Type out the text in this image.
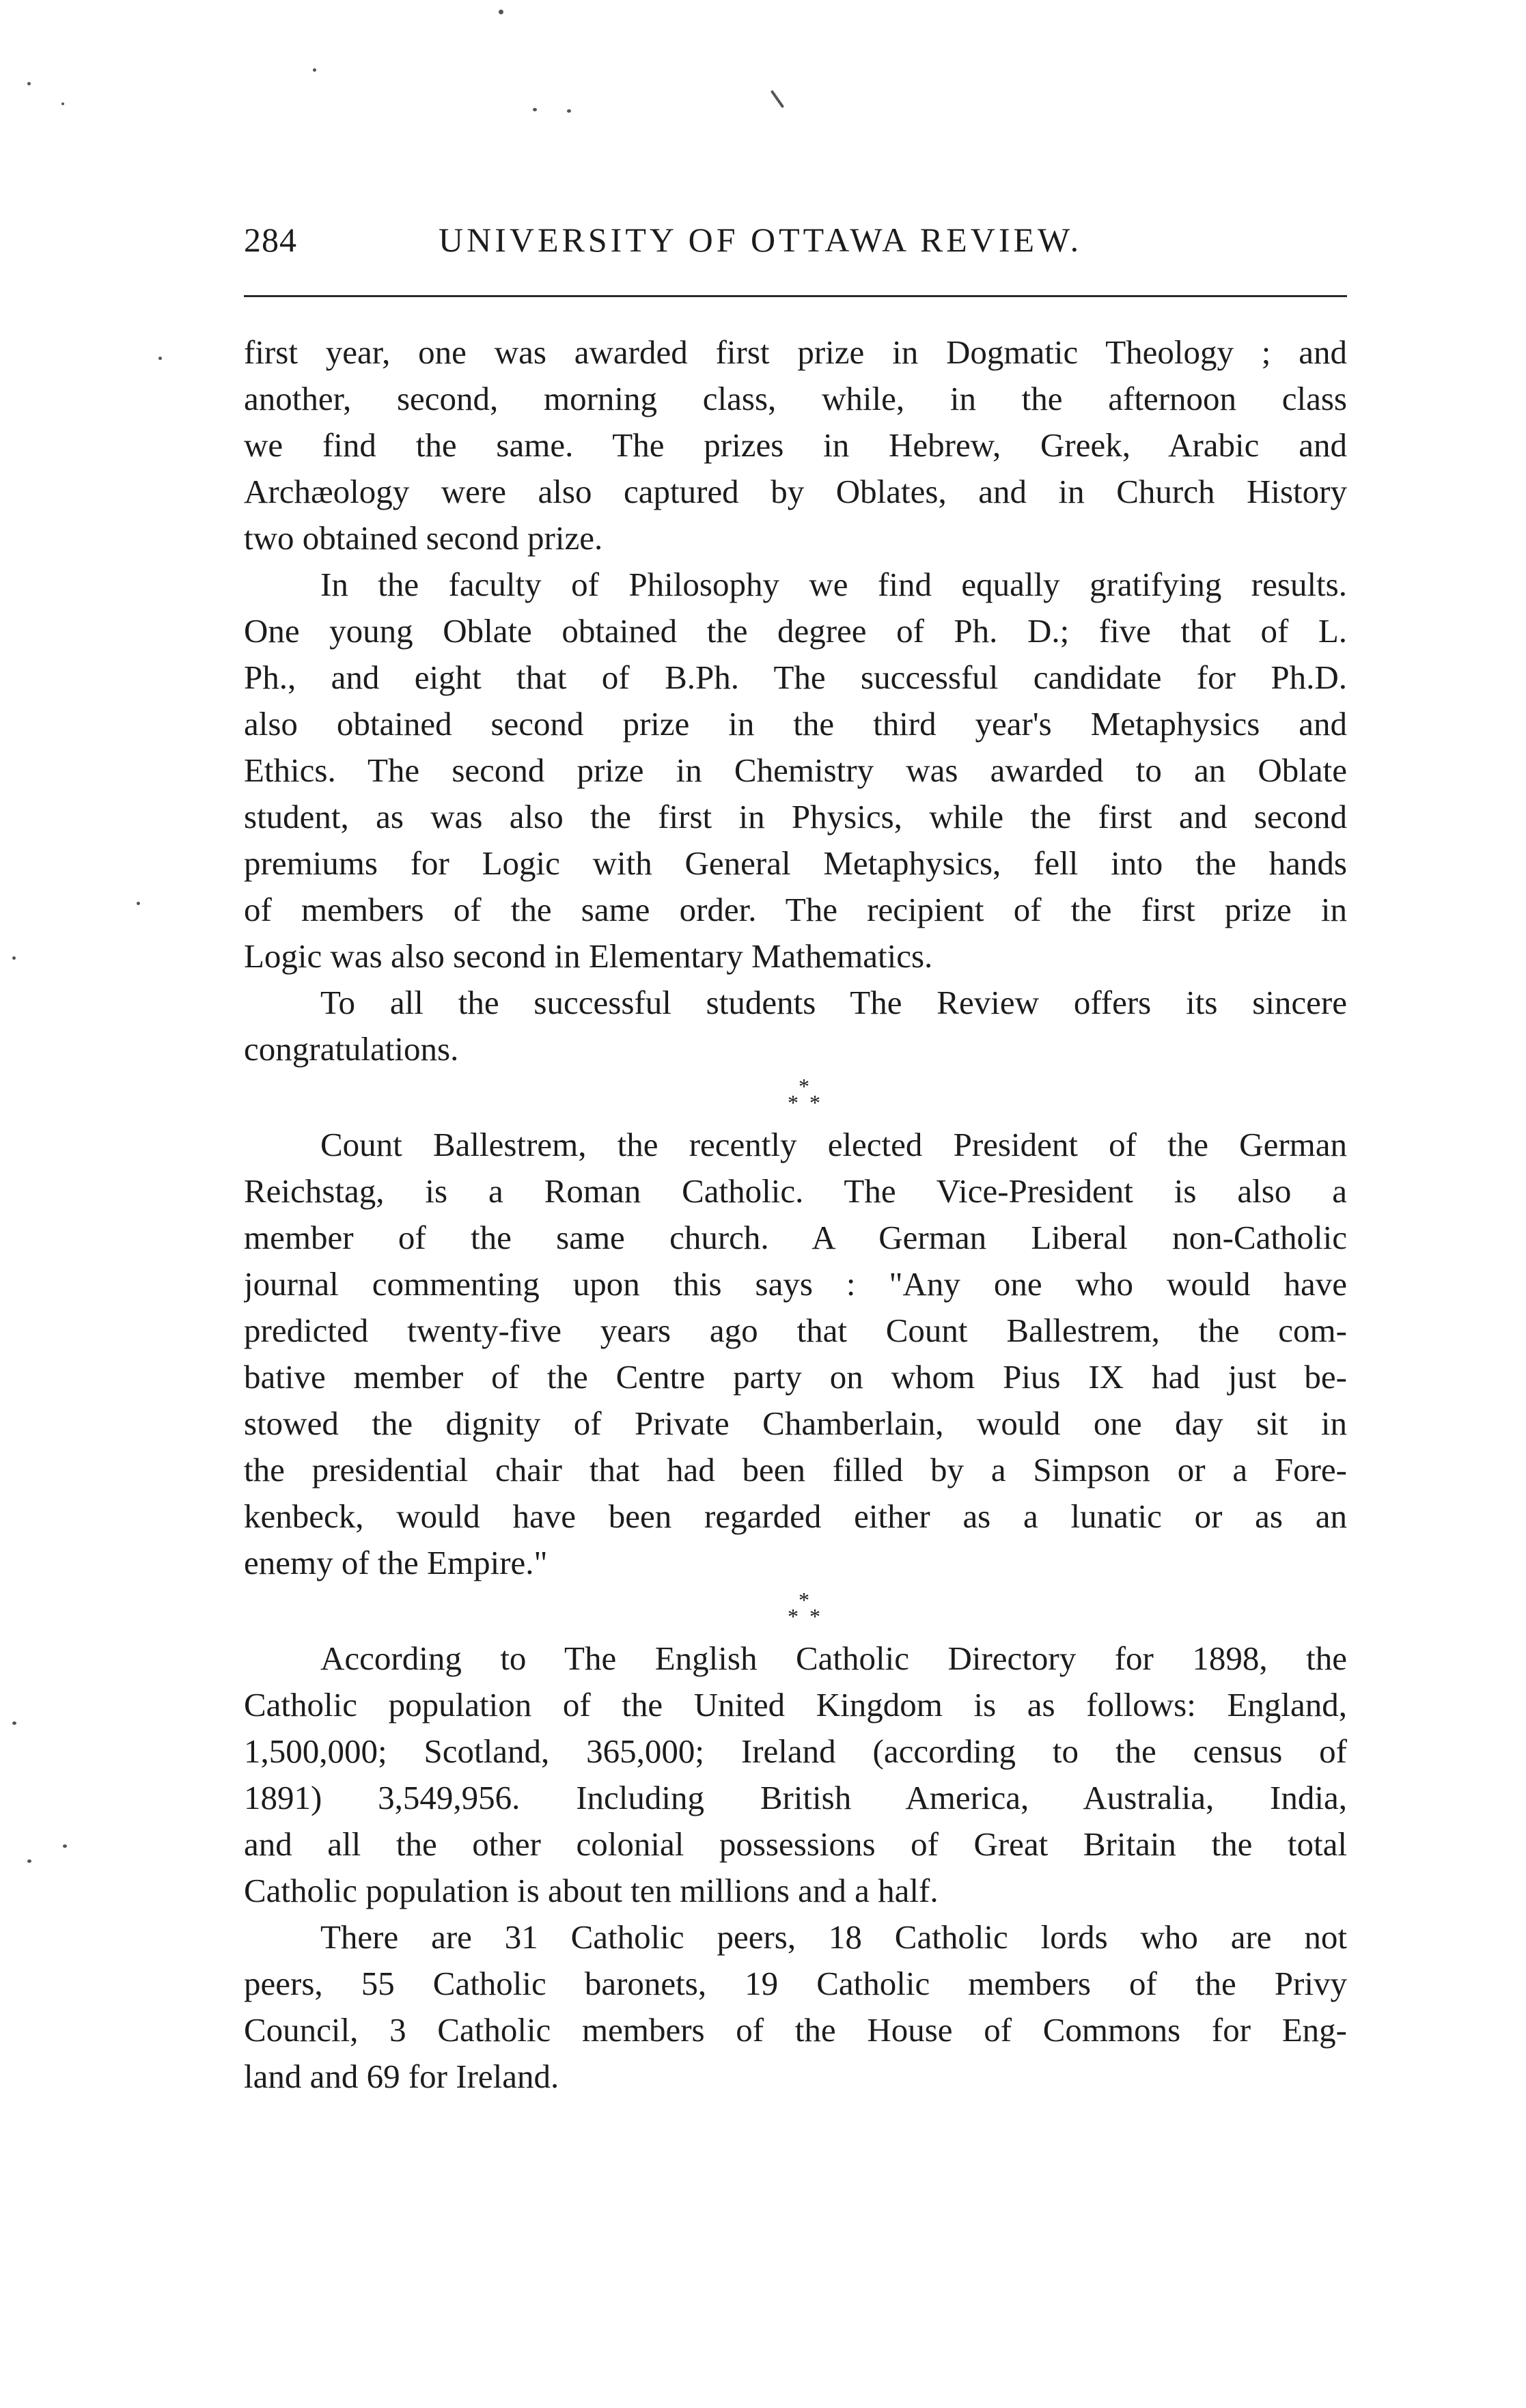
284	UNIVERSITY OF OTTAWA REVIEW.
first year, one was awarded first prize in Dogmatic Theology ; and
another, second, morning class, while, in the afternoon class
we find the same. The prizes in Hebrew, Greek, Arabic and
Archæology were also captured by Oblates, and in Church History
two obtained second prize.
In the faculty of Philosophy we find equally gratifying results.
One young Oblate obtained the degree of Ph. D.; five that of L.
Ph., and eight that of B.Ph. The successful candidate for Ph.D.
also obtained second prize in the third year's Metaphysics and
Ethics. The second prize in Chemistry was awarded to an Oblate
student, as was also the first in Physics, while the first and second
premiums for Logic with General Metaphysics, fell into the hands
of members of the same order. The recipient of the first prize in
Logic was also second in Elementary Mathematics.
To all the successful students The Review offers its sincere
congratulations.
*
* *
Count Ballestrem, the recently elected President of the German
Reichstag, is a Roman Catholic. The Vice-President is also a
member of the same church. A German Liberal non-Catholic
journal commenting upon this says : "Any one who would have
predicted twenty-five years ago that Count Ballestrem, the com-
bative member of the Centre party on whom Pius IX had just be-
stowed the dignity of Private Chamberlain, would one day sit in
the presidential chair that had been filled by a Simpson or a Fore-
kenbeck, would have been regarded either as a lunatic or as an
enemy of the Empire."
*
* *
According to The English Catholic Directory for 1898, the
Catholic population of the United Kingdom is as follows: England,
1,500,000; Scotland, 365,000; Ireland (according to the census of
1891) 3,549,956. Including British America, Australia, India,
and all the other colonial possessions of Great Britain the total
Catholic population is about ten millions and a half.
There are 31 Catholic peers, 18 Catholic lords who are not
peers, 55 Catholic baronets, 19 Catholic members of the Privy
Council, 3 Catholic members of the House of Commons for Eng-
land and 69 for Ireland.
